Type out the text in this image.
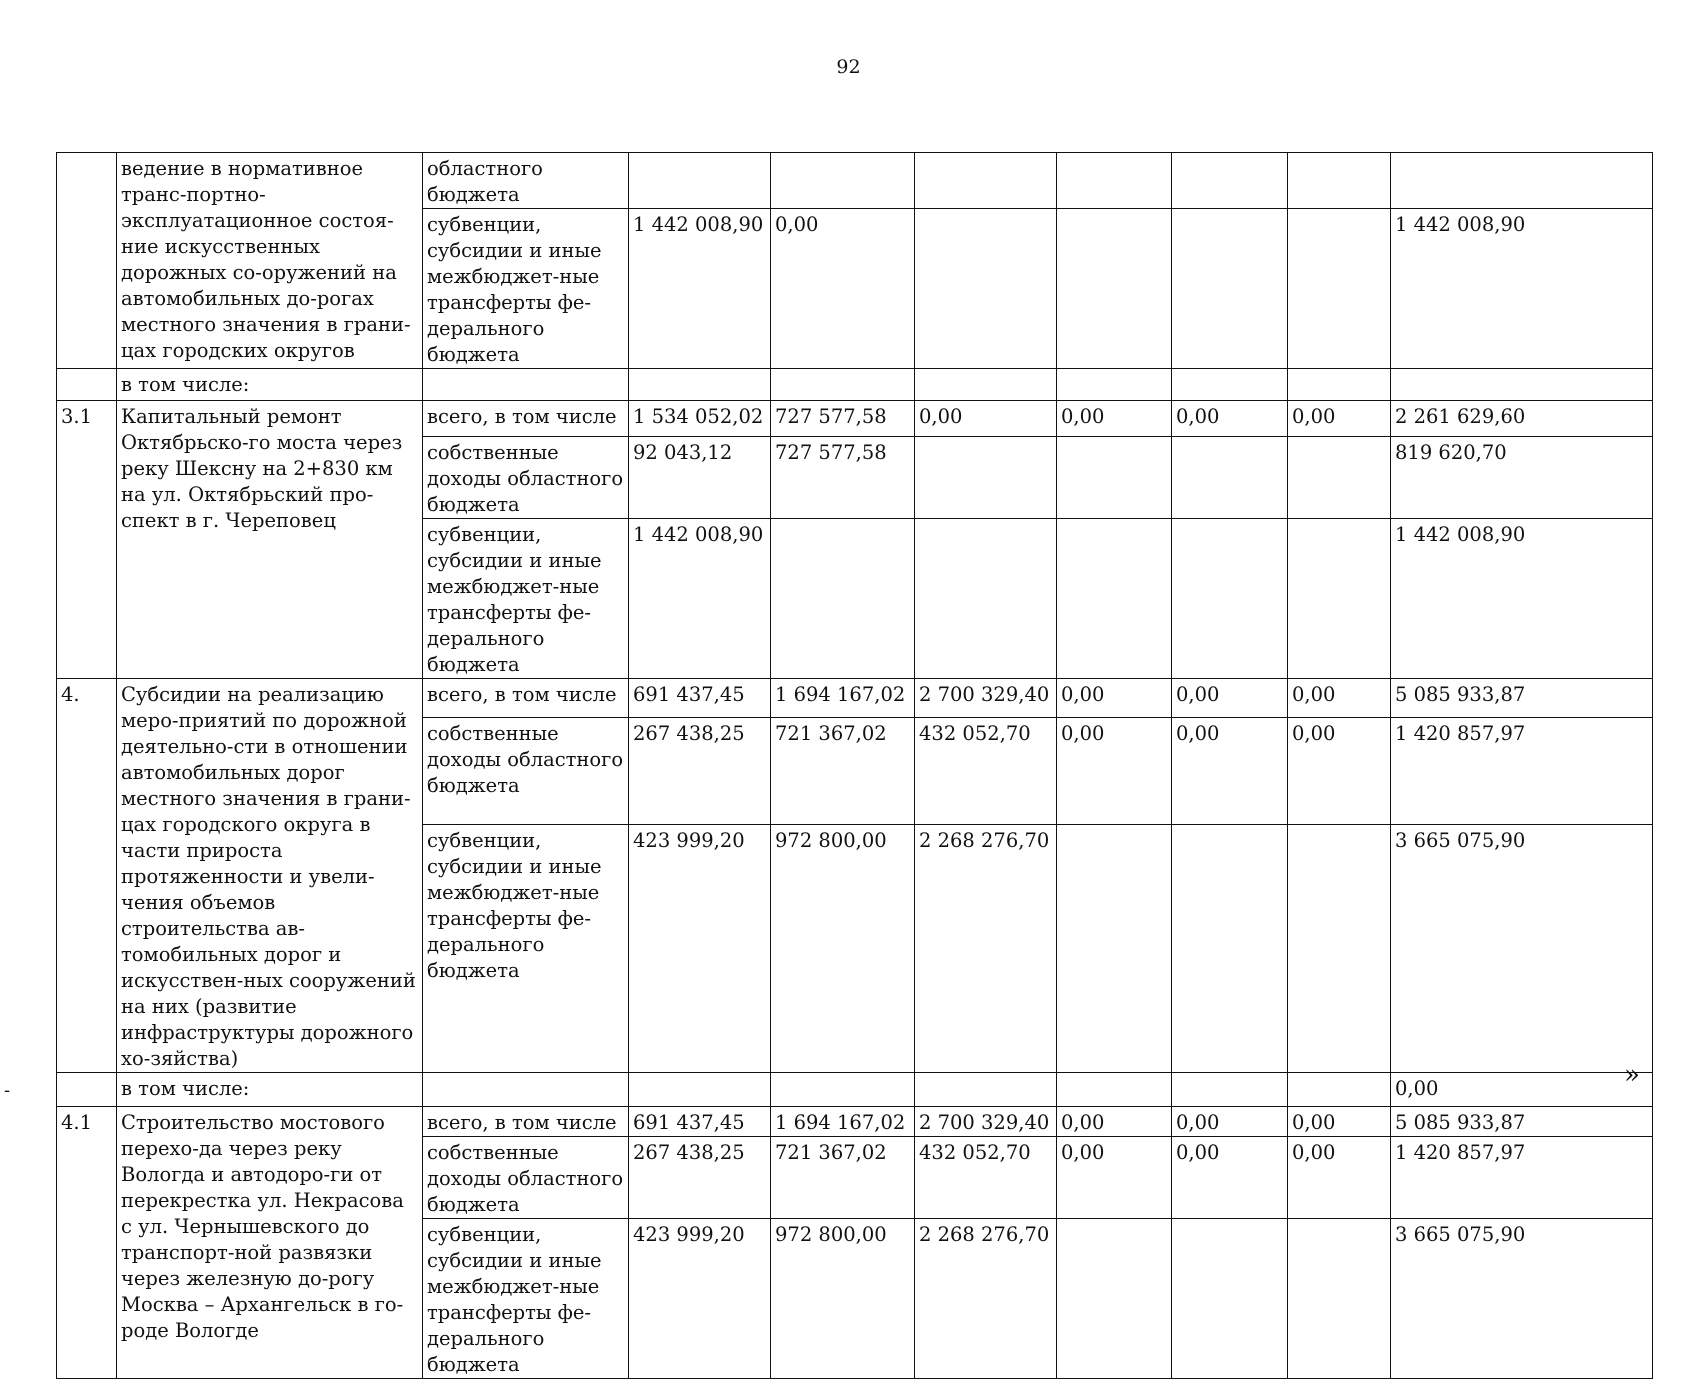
92
	ведение в нормативное транс-портно-эксплуатационное состоя-ние искусственных дорожных со-оружений на автомобильных до-рогах местного значения в грани-цах городских округов	областного бюджета							
		субвенции, субсидии и иные межбюджет-ные трансферты фе-дерального бюджета	1 442 008,90	0,00					1 442 008,90
	в том числе:								
3.1	Капитальный ремонт Октябрьско-го моста через реку Шексну на 2+830 км на ул. Октябрьский про-спект в г. Череповец	всего, в том числе	1 534 052,02	727 577,58	0,00	0,00	0,00	0,00	2 261 629,60
		собственные доходы областного бюджета	92 043,12	727 577,58					819 620,70
		субвенции, субсидии и иные межбюджет-ные трансферты фе-дерального бюджета	1 442 008,90						1 442 008,90
4.	Субсидии на реализацию меро-приятий по дорожной деятельно-сти в отношении автомобильных дорог местного значения в грани-цах городского округа в части прироста протяженности и увели-чения объемов строительства ав-томобильных дорог и искусствен-ных сооружений на них (развитие инфраструктуры дорожного хо-зяйства)	всего, в том числе	691 437,45	1 694 167,02	2 700 329,40	0,00	0,00	0,00	5 085 933,87
		собственные доходы областного бюджета	267 438,25	721 367,02	432 052,70	0,00	0,00	0,00	1 420 857,97
		субвенции, субсидии и иные межбюджет-ные трансферты фе-дерального бюджета	423 999,20	972 800,00	2 268 276,70				3 665 075,90
	в том числе:								0,00
4.1	Строительство мостового перехо-да через реку Вологда и автодоро-ги от перекрестка ул. Некрасова с ул. Чернышевского до транспорт-ной развязки через железную до-рогу Москва – Архангельск в го-роде Вологде	всего, в том числе	691 437,45	1 694 167,02	2 700 329,40	0,00	0,00	0,00	5 085 933,87
		собственные доходы областного бюджета	267 438,25	721 367,02	432 052,70	0,00	0,00	0,00	1 420 857,97
		субвенции, субсидии и иные межбюджет-ные трансферты фе-дерального бюджета	423 999,20	972 800,00	2 268 276,70				3 665 075,90
»
-
